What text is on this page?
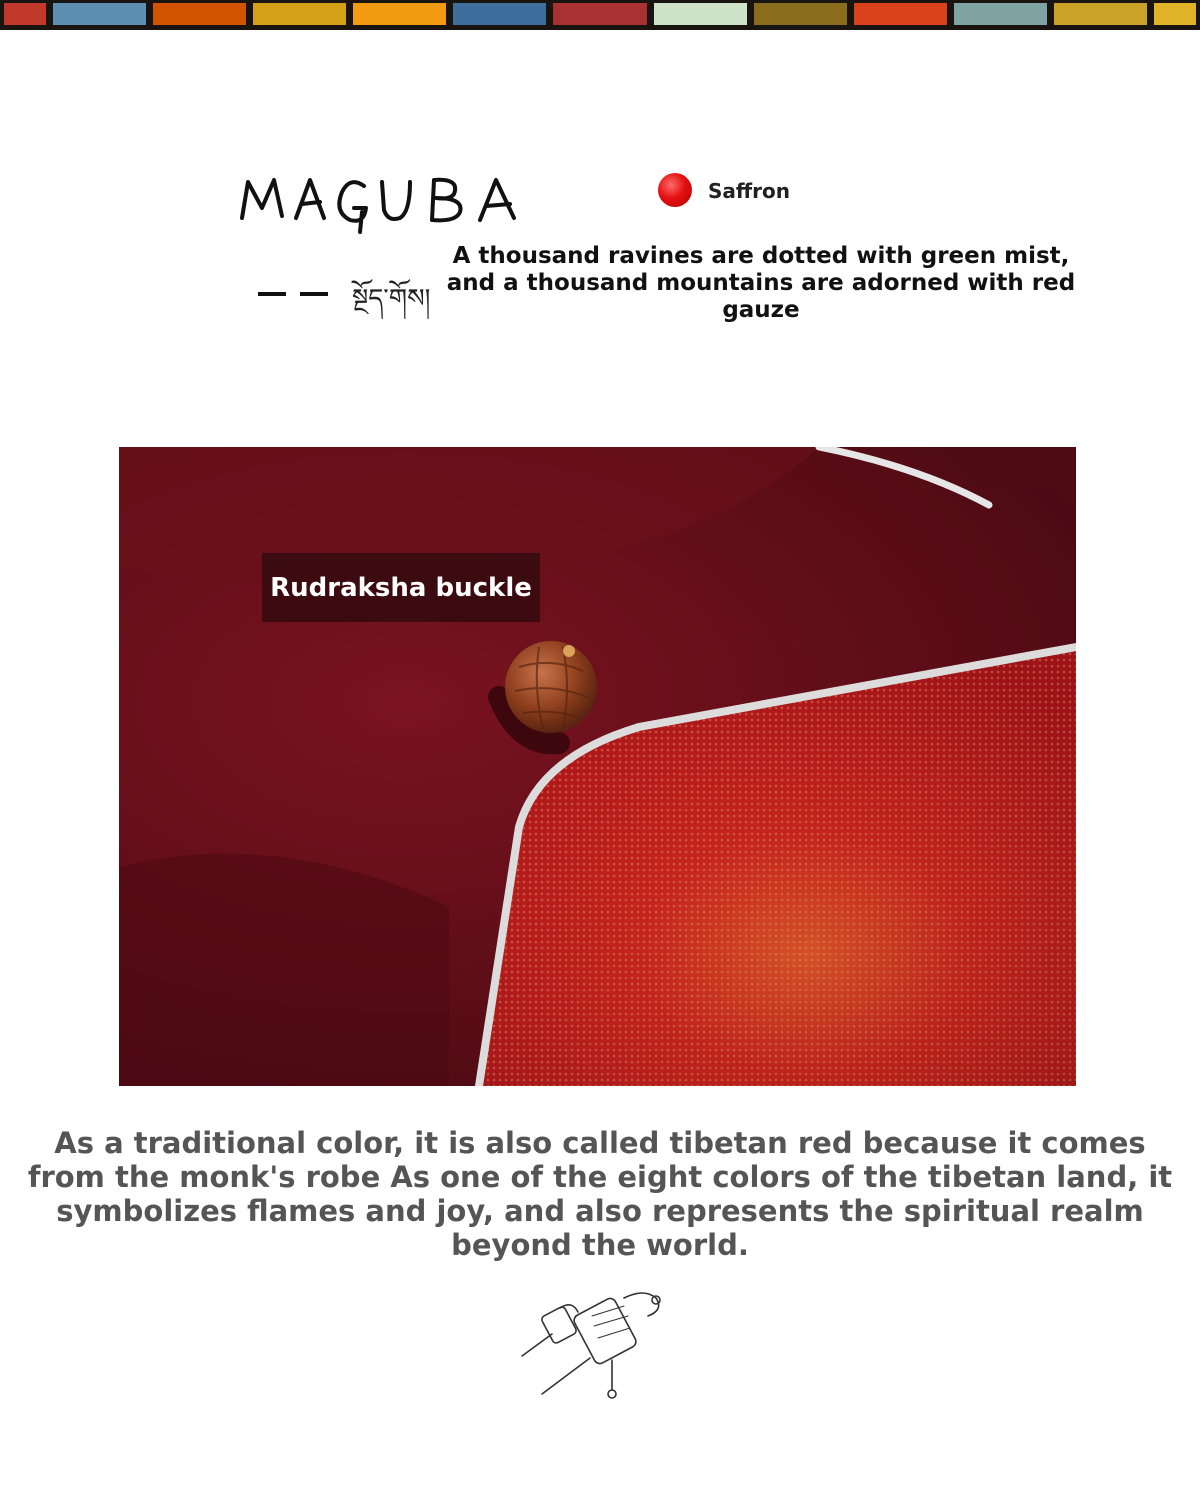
སྔོད་གོས།
Saffron
A thousand ravines are dotted with green mist, and a thousand mountains are adorned with red gauze
Rudraksha buckle
As a traditional color, it is also called tibetan red because it comes from the monk's robe As one of the eight colors of the tibetan land, it symbolizes flames and joy, and also represents the spiritual realm beyond the world.
